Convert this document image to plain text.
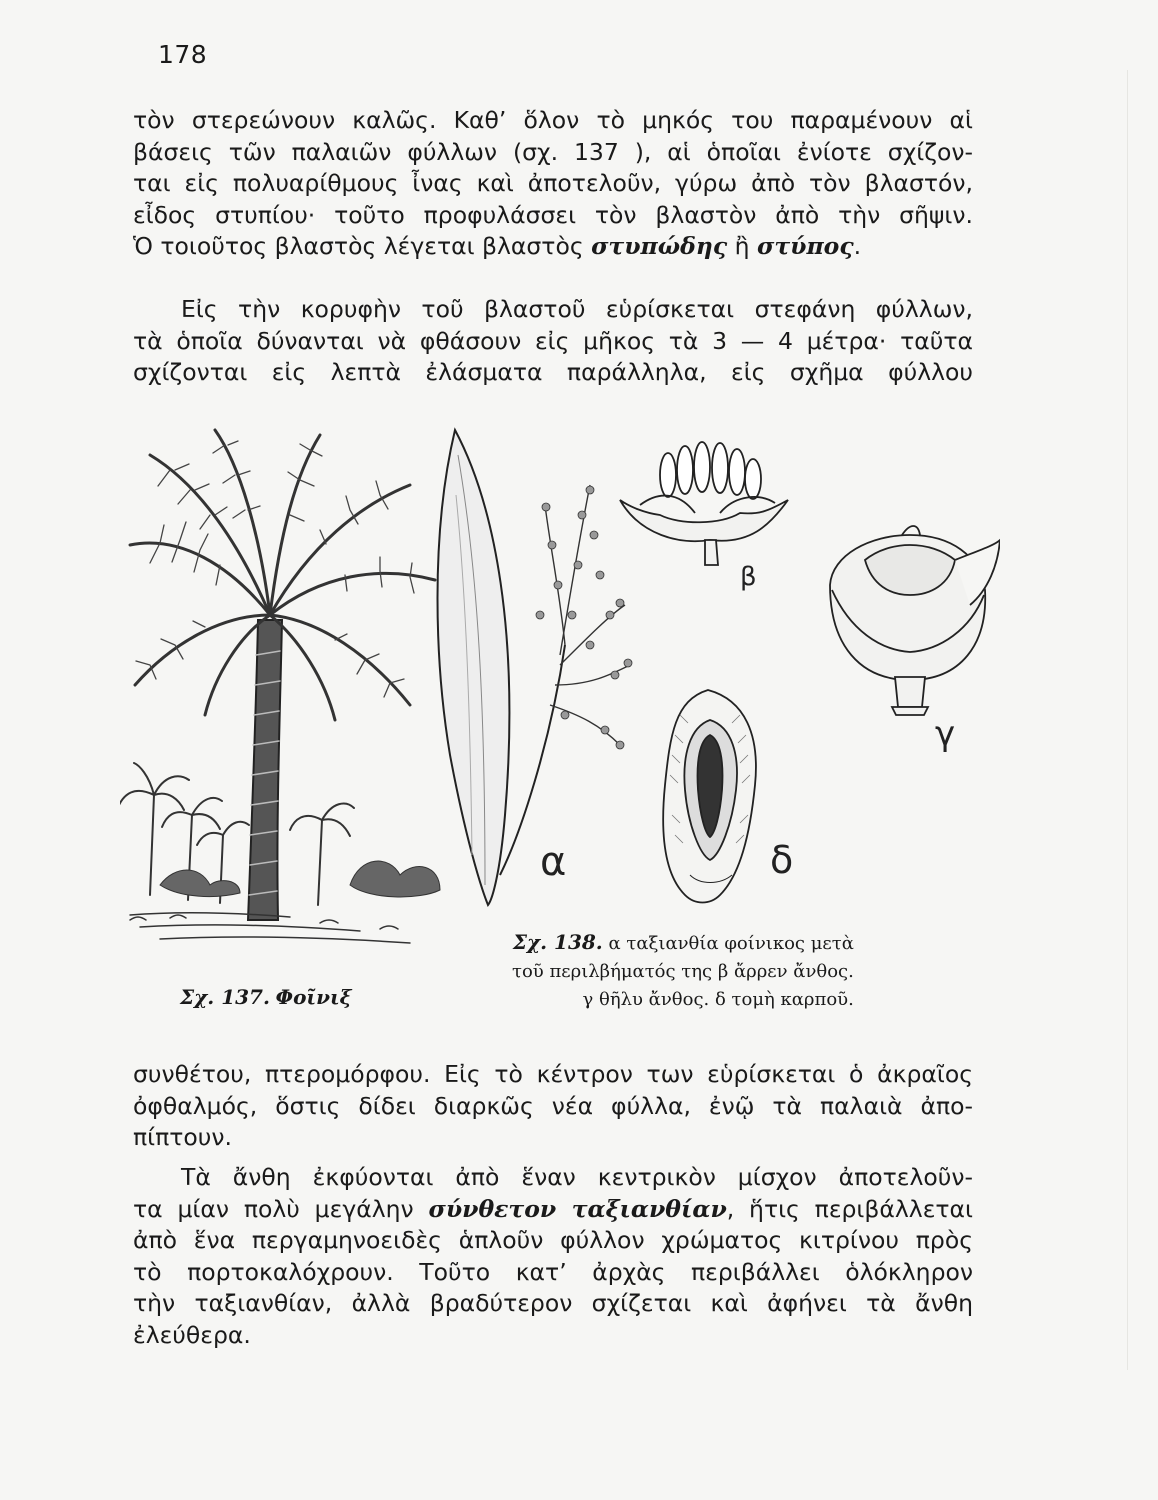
178

τὸν στερεώνουν καλῶς. Καθ’ ὅλον τὸ μηκός του παραμένουν αἱ
βάσεις τῶν παλαιῶν φύλλων (σχ. 137 ), αἱ ὁποῖαι ἐνίοτε σχίζον-
ται εἰς πολυαρίθμους ἶνας καὶ ἀποτελοῦν, γύρω ἀπὸ τὸν βλαστόν,
εἶδος στυπίου· τοῦτο προφυλάσσει τὸν βλαστὸν ἀπὸ τὴν σῆψιν.
Ὁ τοιοῦτος βλαστὸς λέγεται βλαστὸς στυπώδης ἢ στύπος.

Εἰς τὴν κορυφὴν τοῦ βλαστοῦ εὑρίσκεται στεφάνη φύλλων,
τὰ ὁποῖα δύνανται νὰ φθάσουν εἰς μῆκος τὰ 3 — 4 μέτρα· ταῦτα
σχίζονται εἰς λεπτὰ ἐλάσματα παράλληλα, εἰς σχῆμα φύλλου

α
β
γ
δ
Σχ. 137. Φοῖνιξ
Σχ. 138. α ταξιανθία φοίνικος μετὰ
τοῦ περιλβήματός της β ἄρρεν ἄνθος.
γ θῆλυ ἄνθος. δ τομὴ καρποῦ.

συνθέτου, πτερομόρφου. Εἰς τὸ κέντρον των εὑρίσκεται ὁ ἀκραῖος
ὀφθαλμός, ὅστις δίδει διαρκῶς νέα φύλλα, ἐνῷ τὰ παλαιὰ ἀπο-
πίπτουν.

Τὰ ἄνθη ἐκφύονται ἀπὸ ἕναν κεντρικὸν μίσχον ἀποτελοῦν-
τα μίαν πολὺ μεγάλην σύνθετον ταξιανθίαν, ἥτις περιβάλλεται
ἀπὸ ἕνα περγαμηνοειδὲς ἁπλοῦν φύλλον χρώματος κιτρίνου πρὸς
τὸ πορτοκαλόχρουν. Τοῦτο κατ’ ἀρχὰς περιβάλλει ὁλόκληρον
τὴν ταξιανθίαν, ἀλλὰ βραδύτερον σχίζεται καὶ ἀφήνει τὰ ἄνθη
ἐλεύθερα.
